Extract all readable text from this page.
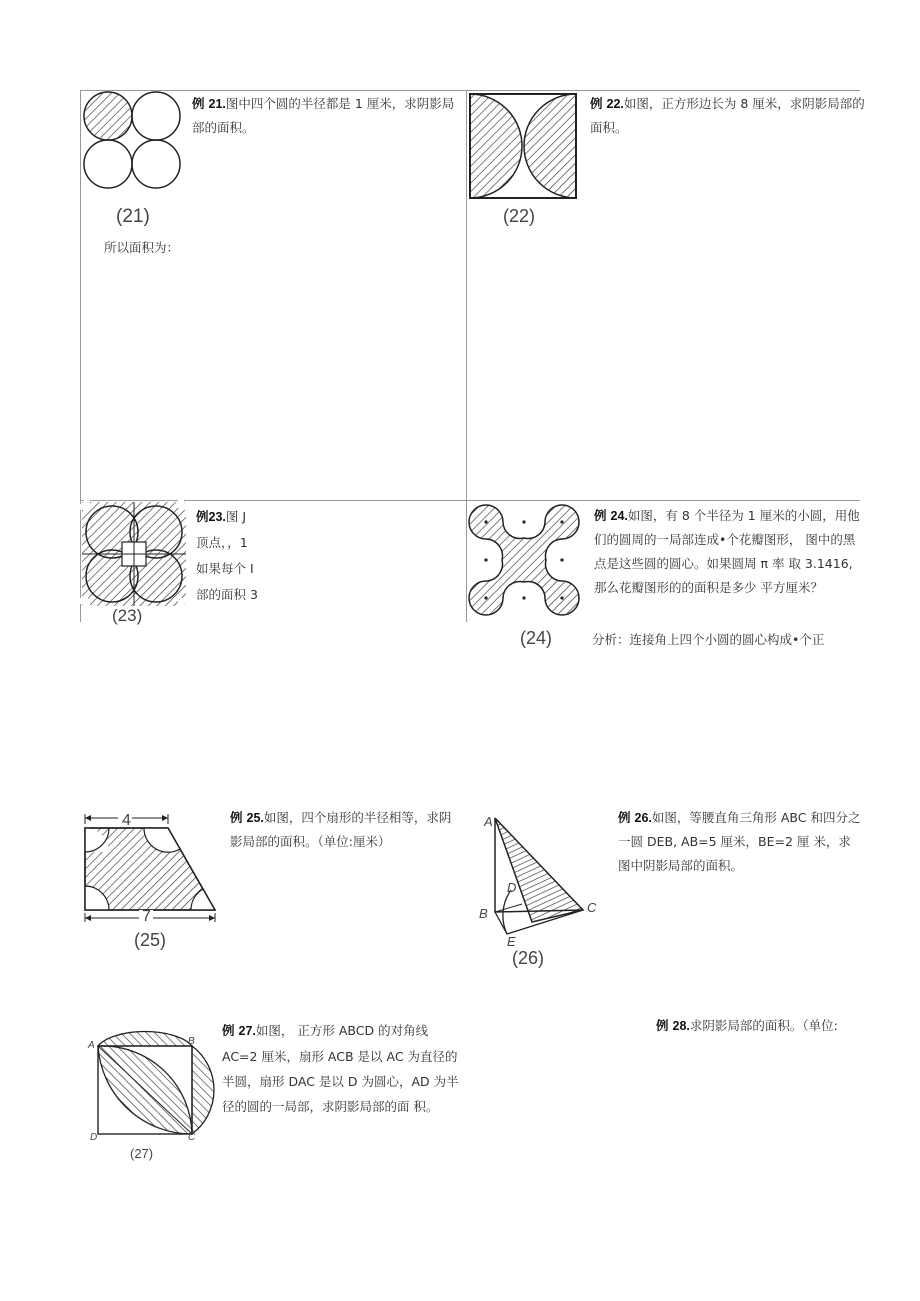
(21)
例 21.图中四个圆的半径都是 1 厘米，求阴影局部的面积。
所以面积为：
(22)
例 22.如图，正方形边长为 8 厘米，求阴影局部的面积。
(23)
例23.图 J
顶点，，1
如果每个 I
部的面积 3
(24)
例 24.如图，有 8 个半径为 1 厘米的小圆，用他们的圆周的一局部连成•个花瓣图形， 图中的黑点是这些圆的圆心。如果圆周 π 率 取 3.1416,那么花瓣图形的的面积是多少 平方厘米？
分析：连接角上四个小圆的圆心构成•个正
4
7
(25)
例 25.如图，四个扇形的半径相等，求阴影局部的面积。（单位:厘米）
A
D
B	C
E
(26)
例 26.如图，等腰直角三角形 ABC 和四分之一圆 DEB, AB=5 厘米，BE=2 厘 米，求图中阴影局部的面积。
A	B
D	C
(27)
例 27.如图， 正方形 ABCD 的对角线 AC=2 厘米，扇形 ACB 是以 AC 为直径的半圆，扇形 DAC 是以 D 为圆心，AD 为半径的圆的一局部，求阴影局部的面 积。
例 28.求阴影局部的面积。（单位:
